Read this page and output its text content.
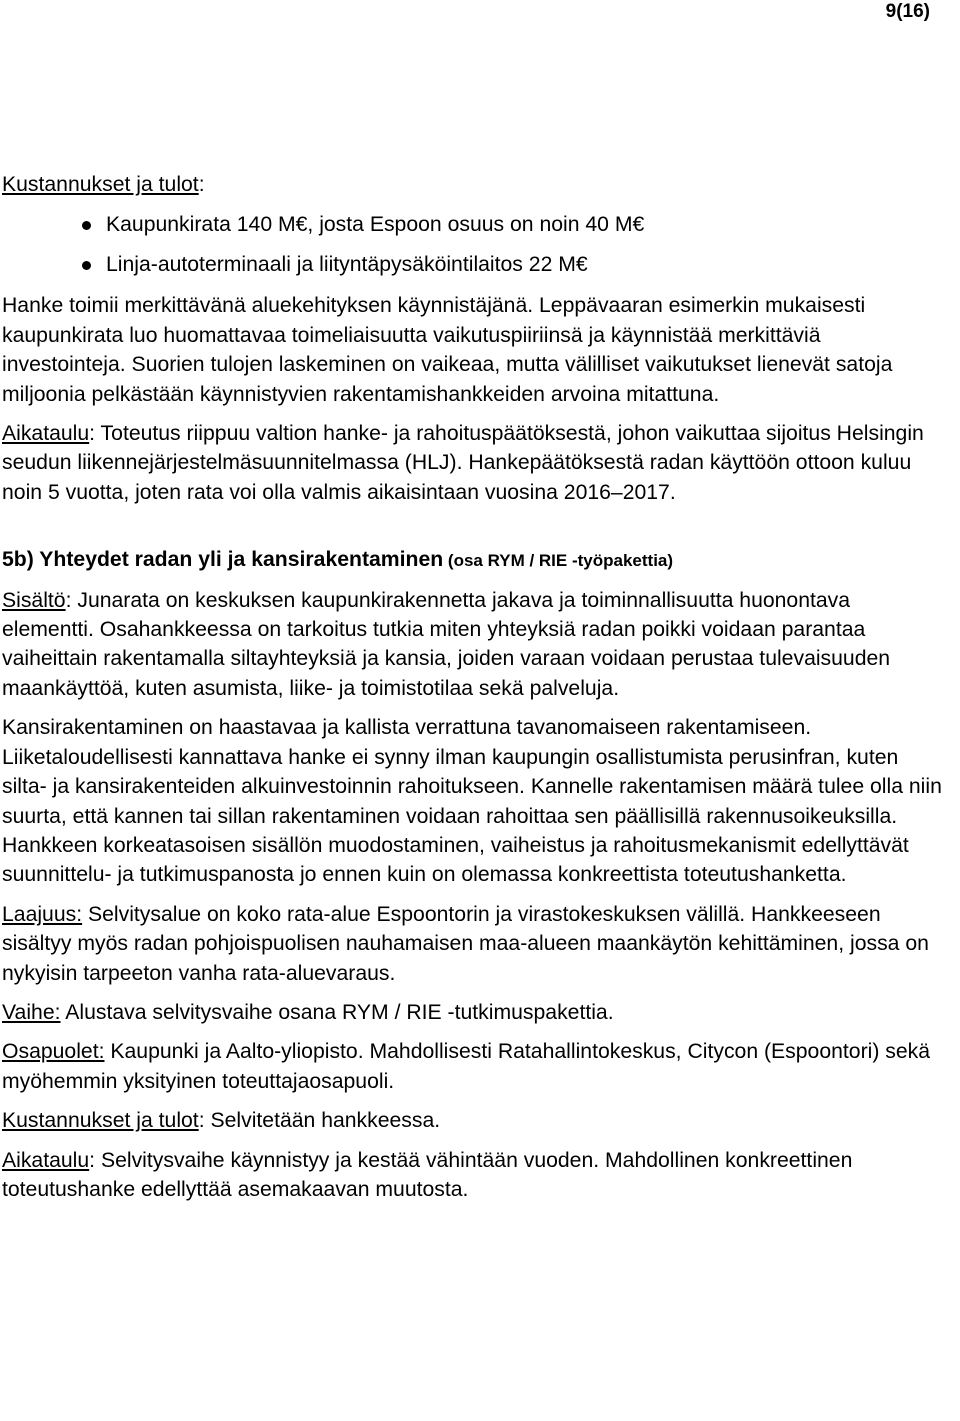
9(16)

Kustannukset ja tulot:

Kaupunkirata 140 M€, josta Espoon osuus on noin 40 M€
Linja-autoterminaali ja liityntäpysäköintilaitos 22 M€

Hanke toimii merkittävänä aluekehityksen käynnistäjänä. Leppävaaran esimerkin mukaisesti kaupunkirata luo huomattavaa toimeliaisuutta vaikutuspiiriinsä ja käynnistää merkittäviä investointeja. Suorien tulojen laskeminen on vaikeaa, mutta välilliset vaikutukset lienevät satoja miljoonia pelkästään käynnistyvien rakentamishankkeiden arvoina mitattuna.

Aikataulu: Toteutus riippuu valtion hanke- ja rahoituspäätöksestä, johon vaikuttaa sijoitus Helsingin seudun liikennejärjestelmäsuunnitelmassa (HLJ). Hankepäätöksestä radan käyttöön ottoon kuluu noin 5 vuotta, joten rata voi olla valmis aikaisintaan vuosina 2016–2017.

5b) Yhteydet radan yli ja kansirakentaminen (osa RYM / RIE -työpakettia)

Sisältö: Junarata on keskuksen kaupunkirakennetta jakava ja toiminnallisuutta huonontava elementti. Osahankkeessa on tarkoitus tutkia miten yhteyksiä radan poikki voidaan parantaa vaiheittain rakentamalla siltayhteyksiä ja kansia, joiden varaan voidaan perustaa tulevaisuuden maankäyttöä, kuten asumista, liike- ja toimistotilaa sekä palveluja.

Kansirakentaminen on haastavaa ja kallista verrattuna tavanomaiseen rakentamiseen. Liiketaloudellisesti kannattava hanke ei synny ilman kaupungin osallistumista perusinfran, kuten silta- ja kansirakenteiden alkuinvestoinnin rahoitukseen. Kannelle rakentamisen määrä tulee olla niin suurta, että kannen tai sillan rakentaminen voidaan rahoittaa sen päällisillä rakennusoikeuksilla. Hankkeen korkeatasoisen sisällön muodostaminen, vaiheistus ja rahoitusmekanismit edellyttävät suunnittelu- ja tutkimuspanosta jo ennen kuin on olemassa konkreettista toteutushanketta.

Laajuus: Selvitysalue on koko rata-alue Espoontorin ja virastokeskuksen välillä. Hankkeeseen sisältyy myös radan pohjoispuolisen nauhamaisen maa-alueen maankäytön kehittäminen, jossa on nykyisin tarpeeton vanha rata-aluevaraus.

Vaihe: Alustava selvitysvaihe osana RYM / RIE -tutkimuspakettia.

Osapuolet: Kaupunki ja Aalto-yliopisto. Mahdollisesti Ratahallintokeskus, Citycon (Espoontori) sekä myöhemmin yksityinen toteuttajaosapuoli.

Kustannukset ja tulot: Selvitetään hankkeessa.

Aikataulu: Selvitysvaihe käynnistyy ja kestää vähintään vuoden. Mahdollinen konkreettinen toteutushanke edellyttää asemakaavan muutosta.
